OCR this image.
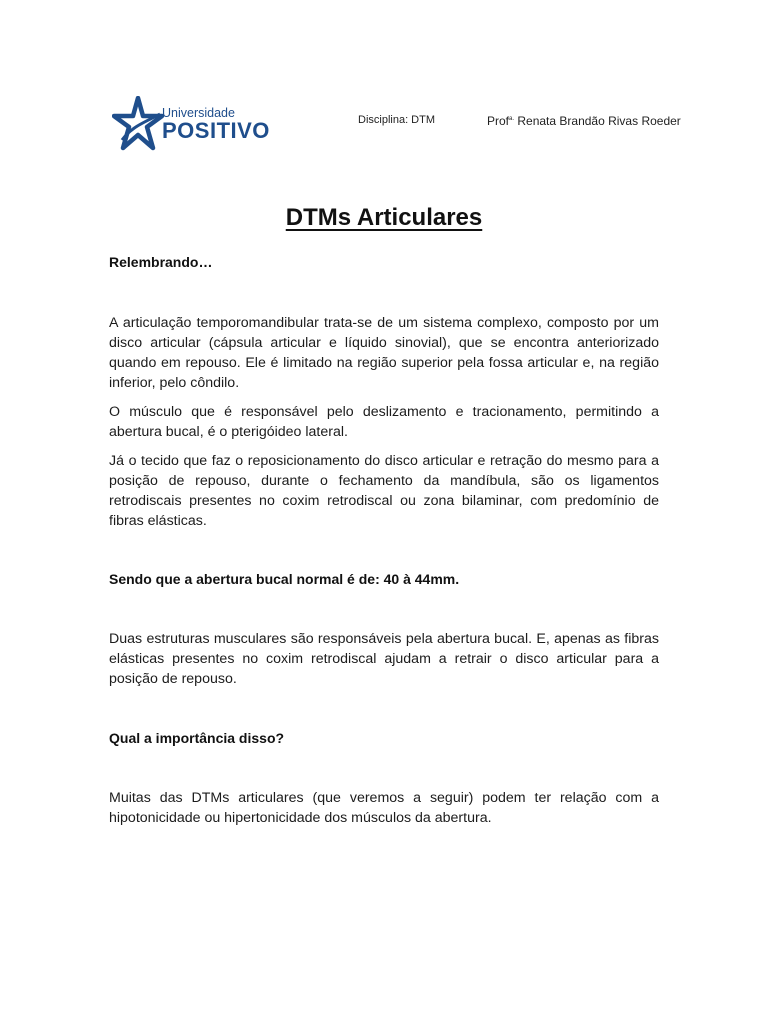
Universidade
POSITIVO	Disciplina: DTM	Prof$^{a.}$ Renata Brandão Rivas Roeder
DTMs Articulares
Relembrando…
A articulação temporomandibular trata-se de um sistema complexo, composto por um disco articular (cápsula articular e líquido sinovial), que se encontra anteriorizado quando em repouso. Ele é limitado na região superior pela fossa articular e, na região inferior, pelo côndilo.
O músculo que é responsável pelo deslizamento e tracionamento, permitindo a abertura bucal, é o pterigóideo lateral.
Já o tecido que faz o reposicionamento do disco articular e retração do mesmo para a posição de repouso, durante o fechamento da mandíbula, são os ligamentos retrodiscais presentes no coxim retrodiscal ou zona bilaminar, com predomínio de fibras elásticas.
Sendo que a abertura bucal normal é de: 40 à 44mm.
Duas estruturas musculares são responsáveis pela abertura bucal. E, apenas as fibras elásticas presentes no coxim retrodiscal ajudam a retrair o disco articular para a posição de repouso.
Qual a importância disso?
Muitas das DTMs articulares (que veremos a seguir) podem ter relação com a hipotonicidade ou hipertonicidade dos músculos da abertura.
